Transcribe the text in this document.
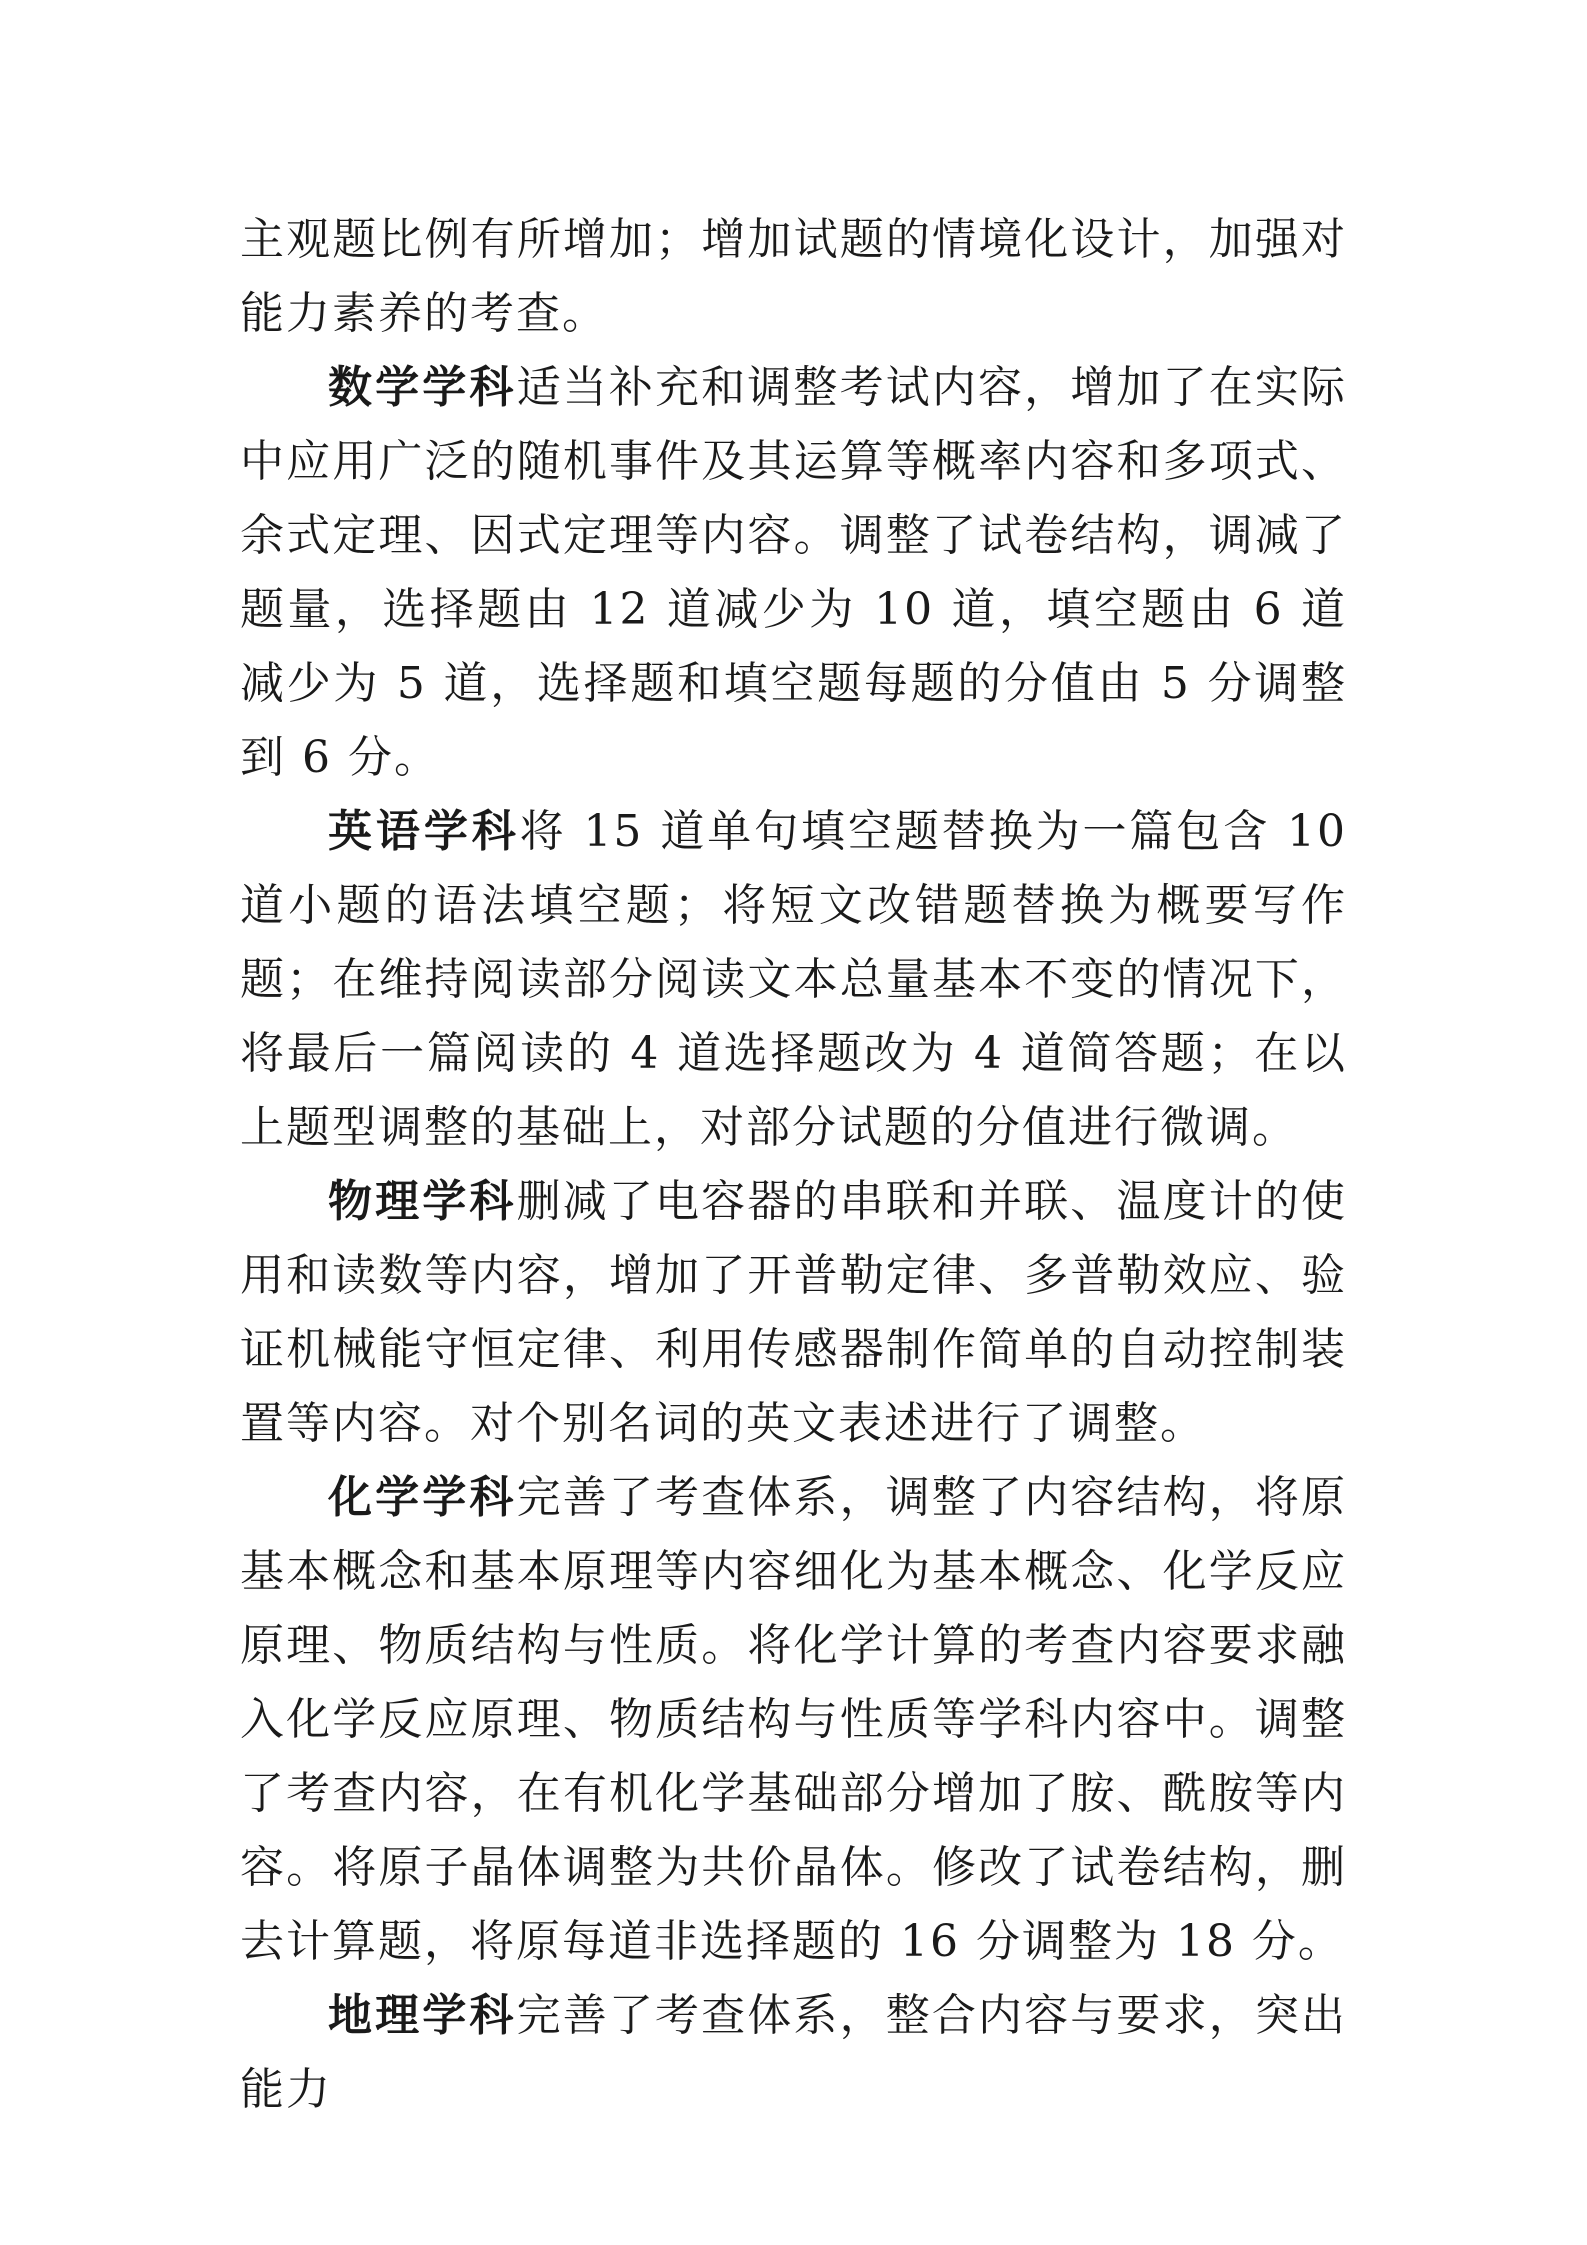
主观题比例有所增加；增加试题的情境化设计，加强对能力素养的考查。

数学学科适当补充和调整考试内容，增加了在实际中应用广泛的随机事件及其运算等概率内容和多项式、余式定理、因式定理等内容。调整了试卷结构，调减了题量，选择题由 12 道减少为 10 道，填空题由 6 道减少为 5 道，选择题和填空题每题的分值由 5 分调整到 6 分。

英语学科将 15 道单句填空题替换为一篇包含 10 道小题的语法填空题；将短文改错题替换为概要写作题；在维持阅读部分阅读文本总量基本不变的情况下，将最后一篇阅读的 4 道选择题改为 4 道简答题；在以上题型调整的基础上，对部分试题的分值进行微调。

物理学科删减了电容器的串联和并联、温度计的使用和读数等内容，增加了开普勒定律、多普勒效应、验证机械能守恒定律、利用传感器制作简单的自动控制装置等内容。对个别名词的英文表述进行了调整。

化学学科完善了考查体系，调整了内容结构，将原基本概念和基本原理等内容细化为基本概念、化学反应原理、物质结构与性质。将化学计算的考查内容要求融入化学反应原理、物质结构与性质等学科内容中。调整了考查内容，在有机化学基础部分增加了胺、酰胺等内容。将原子晶体调整为共价晶体。修改了试卷结构，删去计算题，将原每道非选择题的 16 分调整为 18 分。

地理学科完善了考查体系，整合内容与要求，突出能力
